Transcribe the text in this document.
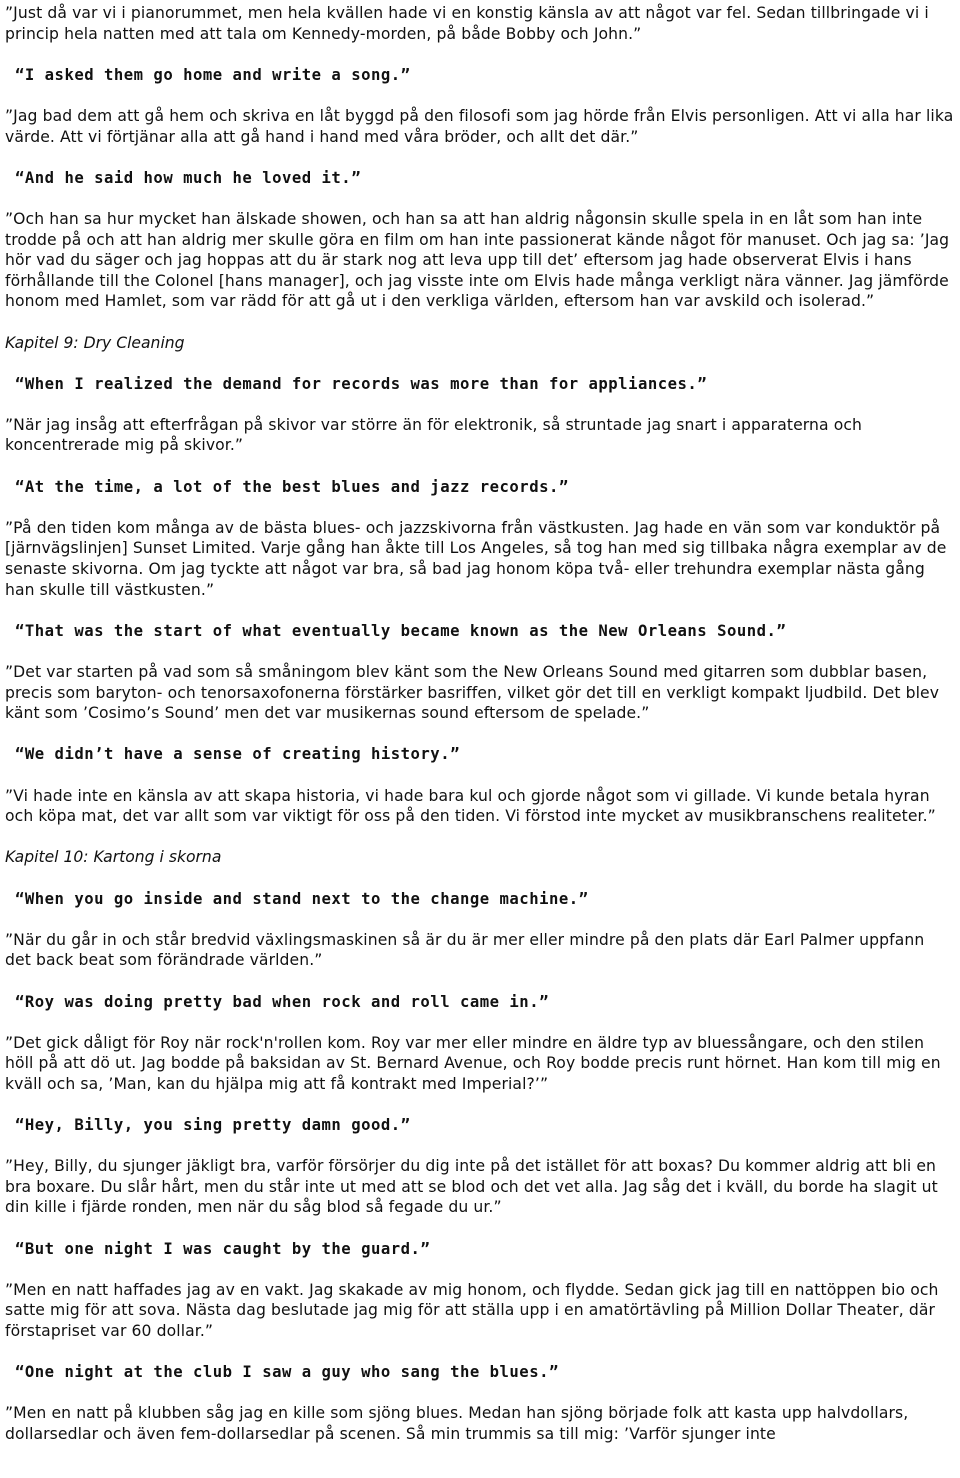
”Just då var vi i pianorummet, men hela kvällen hade vi en konstig känsla av att något var fel. Sedan tillbringade vi i princip hela natten med att tala om Kennedy-morden, på både Bobby och John.”

“I asked them go home and write a song.”

”Jag bad dem att gå hem och skriva en låt byggd på den filosofi som jag hörde från Elvis personligen. Att vi alla har lika värde. Att vi förtjänar alla att gå hand i hand med våra bröder, och allt det där.”

“And he said how much he loved it.”

”Och han sa hur mycket han älskade showen, och han sa att han aldrig någonsin skulle spela in en låt som han inte trodde på och att han aldrig mer skulle göra en film om han inte passionerat kände något för manuset. Och jag sa: ’Jag hör vad du säger och jag hoppas att du är stark nog att leva upp till det’ eftersom jag hade observerat Elvis i hans förhållande till the Colonel [hans manager], och jag visste inte om Elvis hade många verkligt nära vänner. Jag jämförde honom med Hamlet, som var rädd för att gå ut i den verkliga världen, eftersom han var avskild och isolerad.”

Kapitel 9: Dry Cleaning

“When I realized the demand for records was more than for appliances.”

”När jag insåg att efterfrågan på skivor var större än för elektronik, så struntade jag snart i apparaterna och koncentrerade mig på skivor.”

“At the time, a lot of the best blues and jazz records.”

”På den tiden kom många av de bästa blues- och jazzskivorna från västkusten. Jag hade en vän som var konduktör på [järnvägslinjen] Sunset Limited. Varje gång han åkte till Los Angeles, så tog han med sig tillbaka några exemplar av de senaste skivorna. Om jag tyckte att något var bra, så bad jag honom köpa två- eller trehundra exemplar nästa gång han skulle till västkusten.”

“That was the start of what eventually became known as the New Orleans Sound.”

”Det var starten på vad som så småningom blev känt som the New Orleans Sound med gitarren som dubblar basen, precis som baryton- och tenorsaxofonerna förstärker basriffen, vilket gör det till en verkligt kompakt ljudbild. Det blev känt som ’Cosimo’s Sound’ men det var musikernas sound eftersom de spelade.”

“We didn’t have a sense of creating history.”

”Vi hade inte en känsla av att skapa historia, vi hade bara kul och gjorde något som vi gillade. Vi kunde betala hyran och köpa mat, det var allt som var viktigt för oss på den tiden. Vi förstod inte mycket av musikbranschens realiteter.”

Kapitel 10: Kartong i skorna

“When you go inside and stand next to the change machine.”

”När du går in och står bredvid växlingsmaskinen så är du är mer eller mindre på den plats där Earl Palmer uppfann det back beat som förändrade världen.”

“Roy was doing pretty bad when rock and roll came in.”

”Det gick dåligt för Roy när rock'n'rollen kom. Roy var mer eller mindre en äldre typ av bluessångare, och den stilen höll på att dö ut. Jag bodde på baksidan av St. Bernard Avenue, och Roy bodde precis runt hörnet. Han kom till mig en kväll och sa, ’Man, kan du hjälpa mig att få kontrakt med Imperial?’”

“Hey, Billy, you sing pretty damn good.”

”Hey, Billy, du sjunger jäkligt bra, varför försörjer du dig inte på det istället för att boxas? Du kommer aldrig att bli en bra boxare. Du slår hårt, men du står inte ut med att se blod och det vet alla. Jag såg det i kväll, du borde ha slagit ut din kille i fjärde ronden, men när du såg blod så fegade du ur.”

“But one night I was caught by the guard.”

”Men en natt haffades jag av en vakt. Jag skakade av mig honom, och flydde. Sedan gick jag till en nattöppen bio och satte mig för att sova. Nästa dag beslutade jag mig för att ställa upp i en amatörtävling på Million Dollar Theater, där förstapriset var 60 dollar.”

“One night at the club I saw a guy who sang the blues.”

”Men en natt på klubben såg jag en kille som sjöng blues. Medan han sjöng började folk att kasta upp halvdollars, dollarsedlar och även fem-dollarsedlar på scenen. Så min trummis sa till mig: ’Varför sjunger inte
